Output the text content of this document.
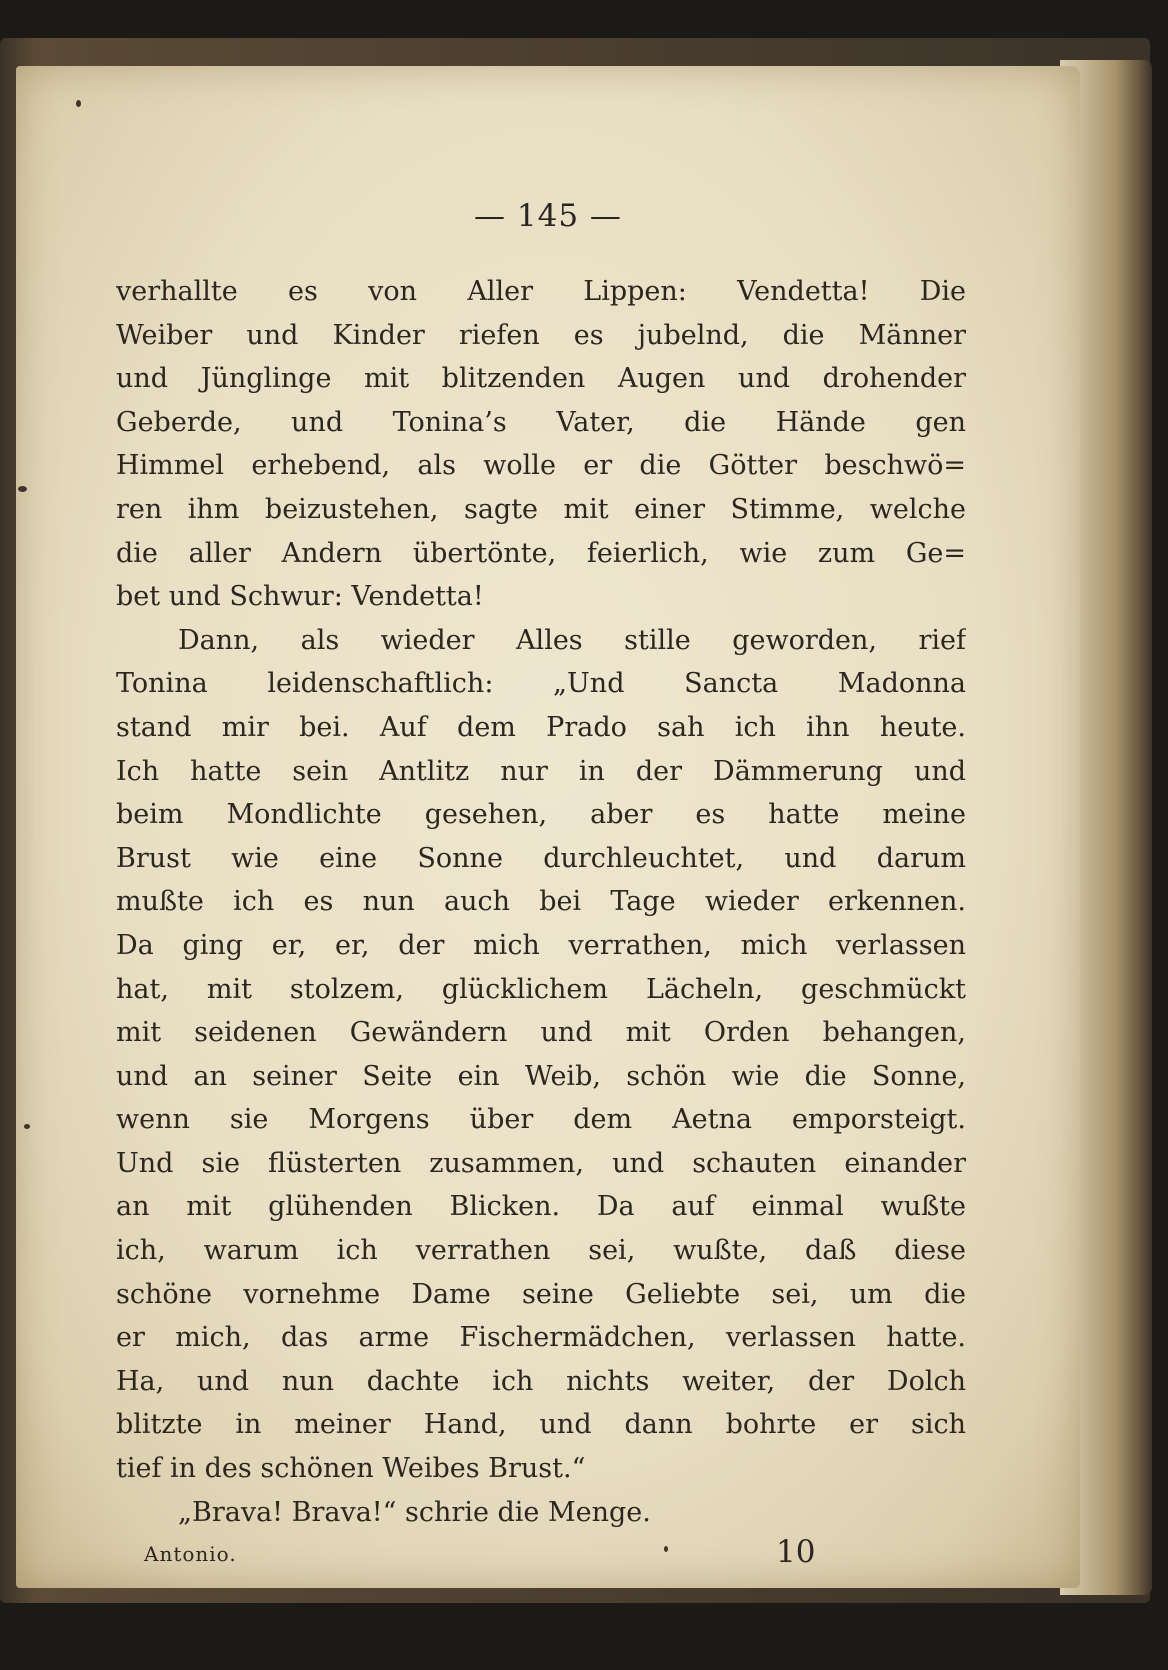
— 145 —
verhallte es von Aller Lippen: Vendetta! Die
Weiber und Kinder riefen es jubelnd, die Männer
und Jünglinge mit blitzenden Augen und drohender
Geberde, und Tonina’s Vater, die Hände gen
Himmel erhebend, als wolle er die Götter beschwö=
ren ihm beizustehen, sagte mit einer Stimme, welche
die aller Andern übertönte, feierlich, wie zum Ge=
bet und Schwur: Vendetta!
Dann, als wieder Alles stille geworden, rief
Tonina leidenschaftlich: „Und Sancta Madonna
stand mir bei. Auf dem Prado sah ich ihn heute.
Ich hatte sein Antlitz nur in der Dämmerung und
beim Mondlichte gesehen, aber es hatte meine
Brust wie eine Sonne durchleuchtet, und darum
mußte ich es nun auch bei Tage wieder erkennen.
Da ging er, er, der mich verrathen, mich verlassen
hat, mit stolzem, glücklichem Lächeln, geschmückt
mit seidenen Gewändern und mit Orden behangen,
und an seiner Seite ein Weib, schön wie die Sonne,
wenn sie Morgens über dem Aetna emporsteigt.
Und sie flüsterten zusammen, und schauten einander
an mit glühenden Blicken. Da auf einmal wußte
ich, warum ich verrathen sei, wußte, daß diese
schöne vornehme Dame seine Geliebte sei, um die
er mich, das arme Fischermädchen, verlassen hatte.
Ha, und nun dachte ich nichts weiter, der Dolch
blitzte in meiner Hand, und dann bohrte er sich
tief in des schönen Weibes Brust.“
„Brava! Brava!“ schrie die Menge.
Antonio.	10
